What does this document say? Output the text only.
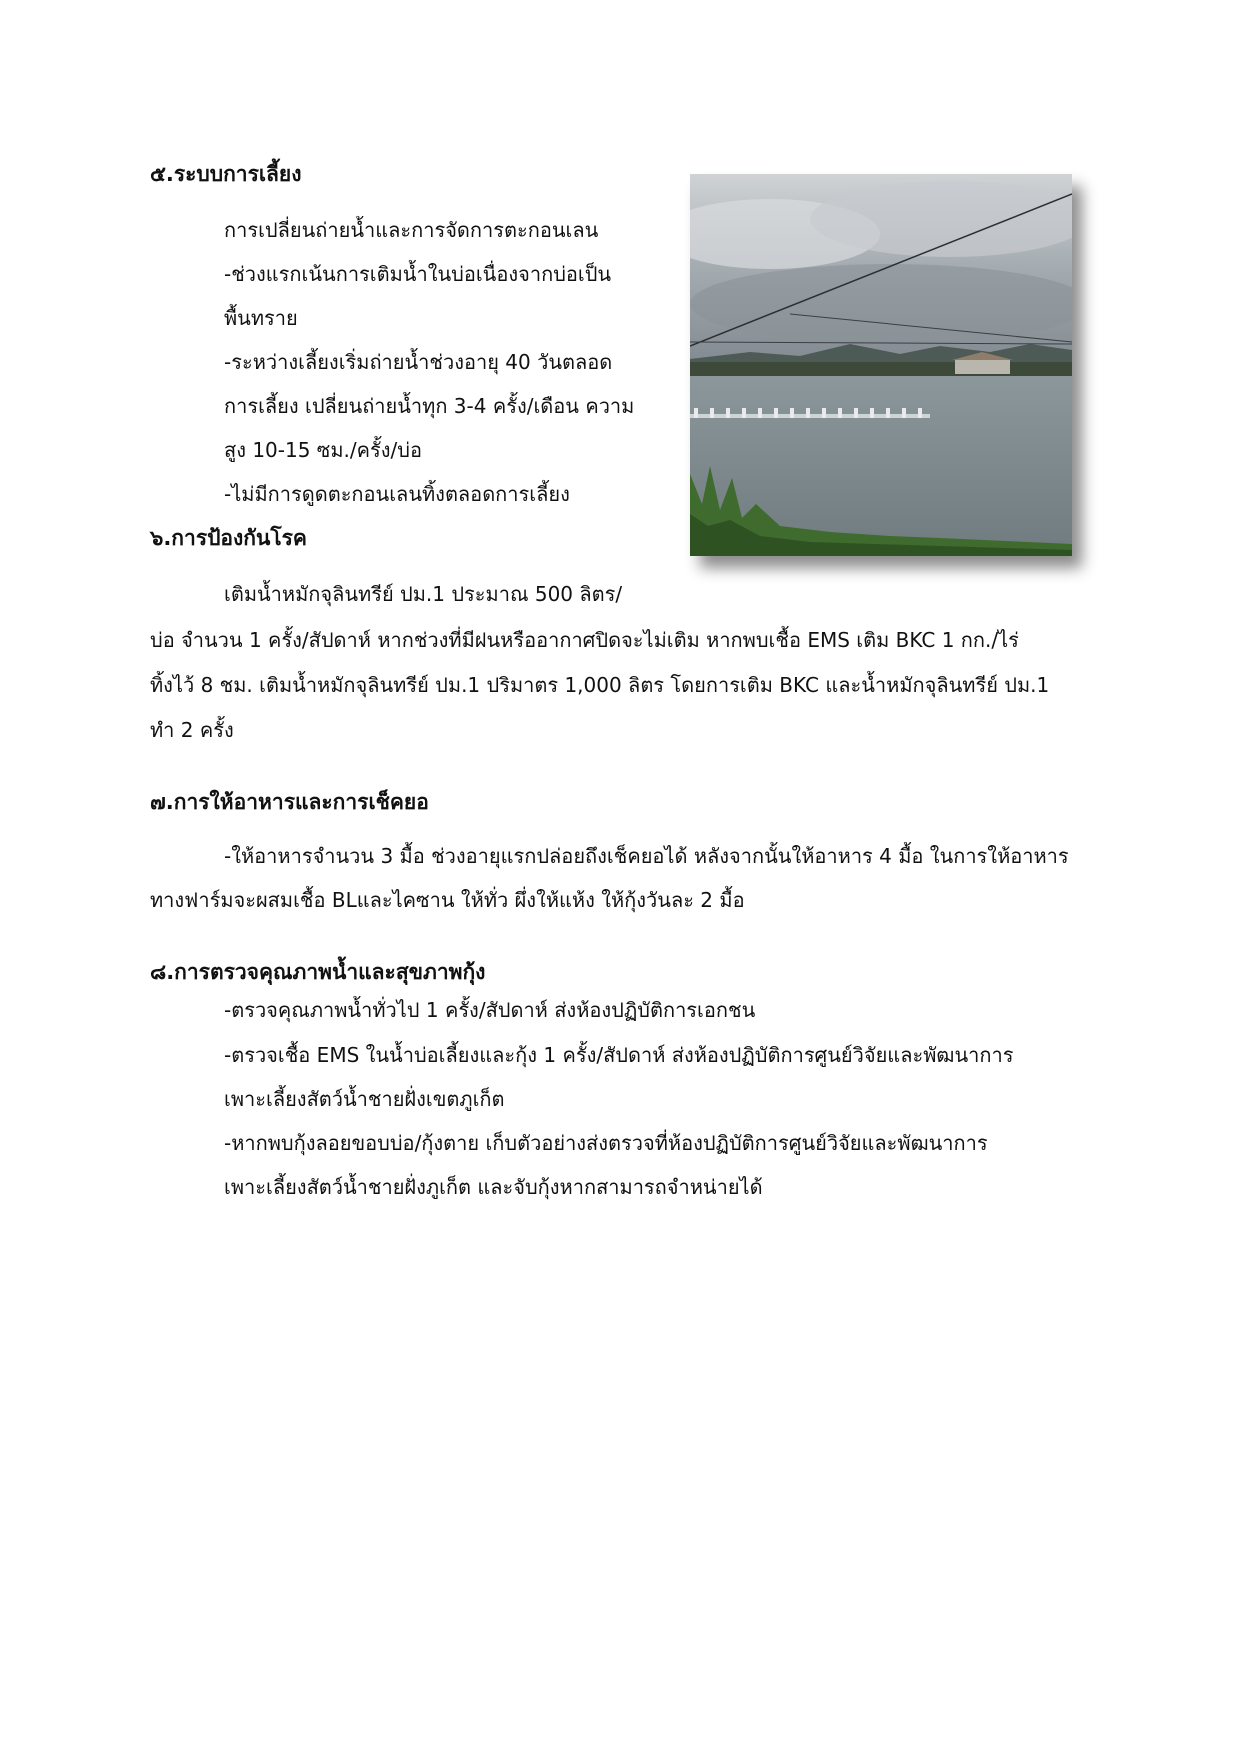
๕.ระบบการเลี้ยง
การเปลี่ยนถ่ายน้ำและการจัดการตะกอนเลน
-ช่วงแรกเน้นการเติมน้ำในบ่อเนื่องจากบ่อเป็น
พื้นทราย
-ระหว่างเลี้ยงเริ่มถ่ายน้ำช่วงอายุ 40 วันตลอด
การเลี้ยง เปลี่ยนถ่ายน้ำทุก 3-4 ครั้ง/เดือน ความ
สูง 10-15 ซม./ครั้ง/บ่อ
-ไม่มีการดูดตะกอนเลนทิ้งตลอดการเลี้ยง
๖.การป้องกันโรค
เติมน้ำหมักจุลินทรีย์ ปม.1 ประมาณ 500 ลิตร/
บ่อ จำนวน 1 ครั้ง/สัปดาห์ หากช่วงที่มีฝนหรืออากาศปิดจะไม่เติม หากพบเชื้อ EMS เติม BKC 1 กก./ไร่
ทิ้งไว้ 8 ชม. เติมน้ำหมักจุลินทรีย์ ปม.1 ปริมาตร 1,000 ลิตร โดยการเติม BKC และน้ำหมักจุลินทรีย์ ปม.1
ทำ 2 ครั้ง
๗.การให้อาหารและการเช็คยอ
-ให้อาหารจำนวน 3 มื้อ ช่วงอายุแรกปล่อยถึงเช็คยอได้ หลังจากนั้นให้อาหาร 4 มื้อ ในการให้อาหาร
ทางฟาร์มจะผสมเชื้อ BLและไคซาน ให้ทั่ว ผึ่งให้แห้ง ให้กุ้งวันละ 2 มื้อ
๘.การตรวจคุณภาพน้ำและสุขภาพกุ้ง
-ตรวจคุณภาพน้ำทั่วไป 1 ครั้ง/สัปดาห์ ส่งห้องปฏิบัติการเอกชน
-ตรวจเชื้อ EMS ในน้ำบ่อเลี้ยงและกุ้ง 1 ครั้ง/สัปดาห์ ส่งห้องปฏิบัติการศูนย์วิจัยและพัฒนาการ
เพาะเลี้ยงสัตว์น้ำชายฝั่งเขตภูเก็ต
-หากพบกุ้งลอยขอบบ่อ/กุ้งตาย เก็บตัวอย่างส่งตรวจที่ห้องปฏิบัติการศูนย์วิจัยและพัฒนาการ
เพาะเลี้ยงสัตว์น้ำชายฝั่งภูเก็ต และจับกุ้งหากสามารถจำหน่ายได้
